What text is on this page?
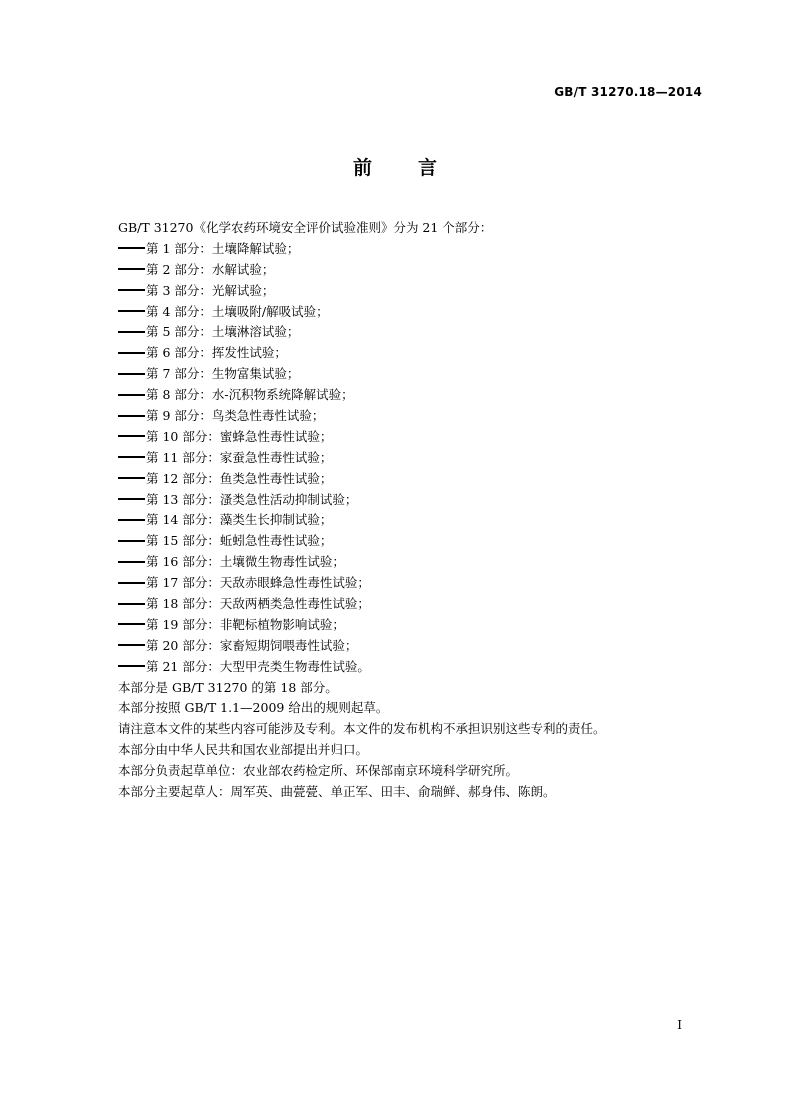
GB/T 31270.18—2014
前 言
GB/T 31270《化学农药环境安全评价试验准则》分为 21 个部分：
第 1 部分：土壤降解试验；
第 2 部分：水解试验；
第 3 部分：光解试验；
第 4 部分：土壤吸附/解吸试验；
第 5 部分：土壤淋溶试验；
第 6 部分：挥发性试验；
第 7 部分：生物富集试验；
第 8 部分：水-沉积物系统降解试验；
第 9 部分：鸟类急性毒性试验；
第 10 部分：蜜蜂急性毒性试验；
第 11 部分：家蚕急性毒性试验；
第 12 部分：鱼类急性毒性试验；
第 13 部分：溞类急性活动抑制试验；
第 14 部分：藻类生长抑制试验；
第 15 部分：蚯蚓急性毒性试验；
第 16 部分：土壤微生物毒性试验；
第 17 部分：天敌赤眼蜂急性毒性试验；
第 18 部分：天敌两栖类急性毒性试验；
第 19 部分：非靶标植物影响试验；
第 20 部分：家畜短期饲喂毒性试验；
第 21 部分：大型甲壳类生物毒性试验。
本部分是 GB/T 31270 的第 18 部分。
本部分按照 GB/T 1.1—2009 给出的规则起草。
请注意本文件的某些内容可能涉及专利。本文件的发布机构不承担识别这些专利的责任。
本部分由中华人民共和国农业部提出并归口。
本部分负责起草单位：农业部农药检定所、环保部南京环境科学研究所。
本部分主要起草人：周军英、曲甍甍、单正军、田丰、俞瑞鲜、郝身伟、陈朗。
I
